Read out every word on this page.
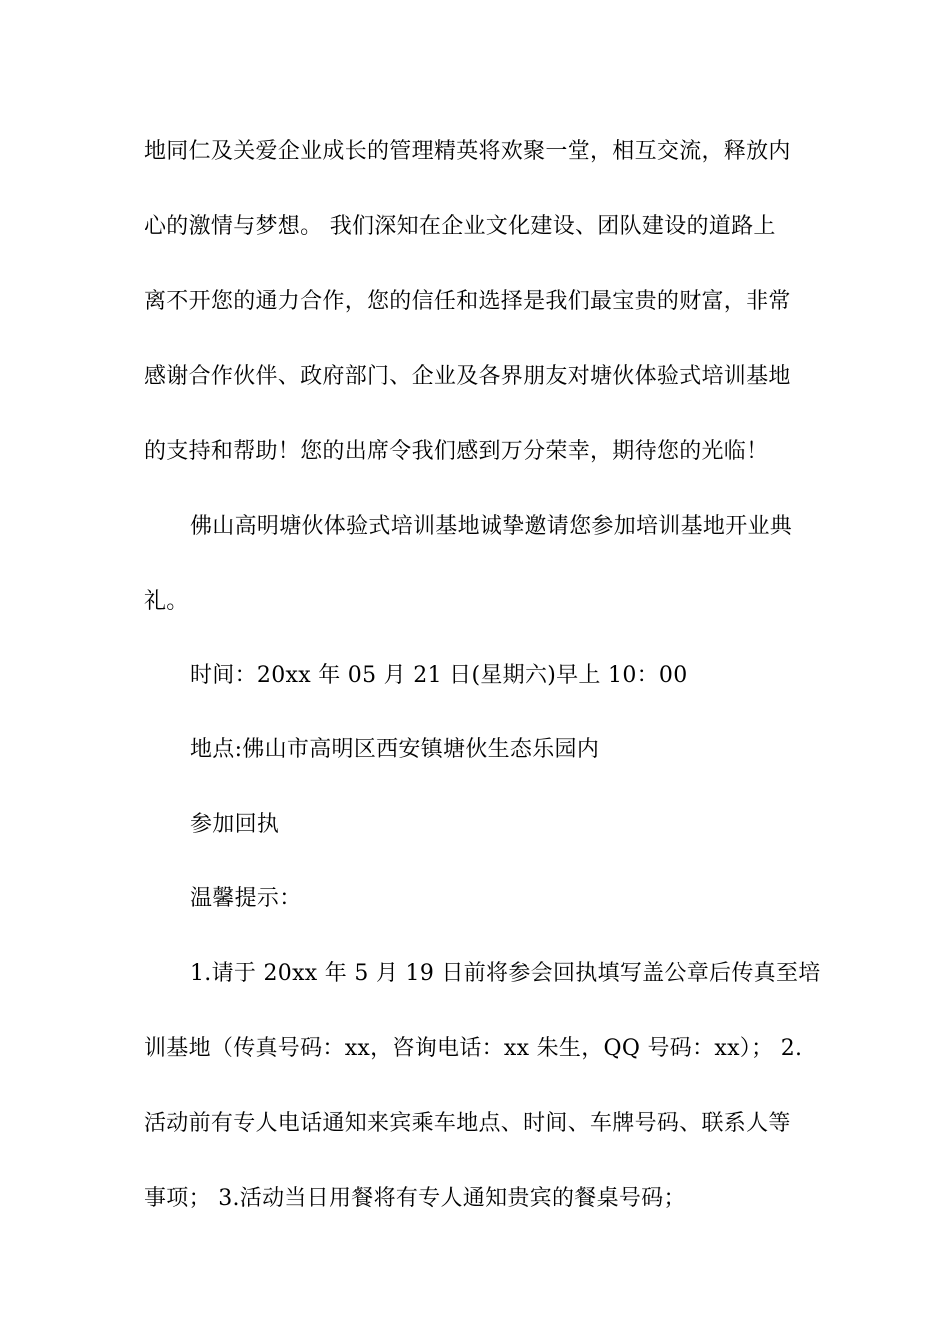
地同仁及关爱企业成长的管理精英将欢聚一堂，相互交流，释放内
心的激情与梦想。 我们深知在企业文化建设、团队建设的道路上
离不开您的通力合作，您的信任和选择是我们最宝贵的财富，非常
感谢合作伙伴、政府部门、企业及各界朋友对塘伙体验式培训基地
的支持和帮助！您的出席令我们感到万分荣幸，期待您的光临！
佛山高明塘伙体验式培训基地诚挚邀请您参加培训基地开业典
礼。
时间：20xx 年 05 月 21 日(星期六)早上 10：00
地点:佛山市高明区西安镇塘伙生态乐园内
参加回执
温馨提示：
1.请于 20xx 年 5 月 19 日前将参会回执填写盖公章后传真至培
训基地（传真号码：xx，咨询电话：xx 朱生，QQ 号码：xx）； 2.
活动前有专人电话通知来宾乘车地点、时间、车牌号码、联系人等
事项； 3.活动当日用餐将有专人通知贵宾的餐桌号码；
